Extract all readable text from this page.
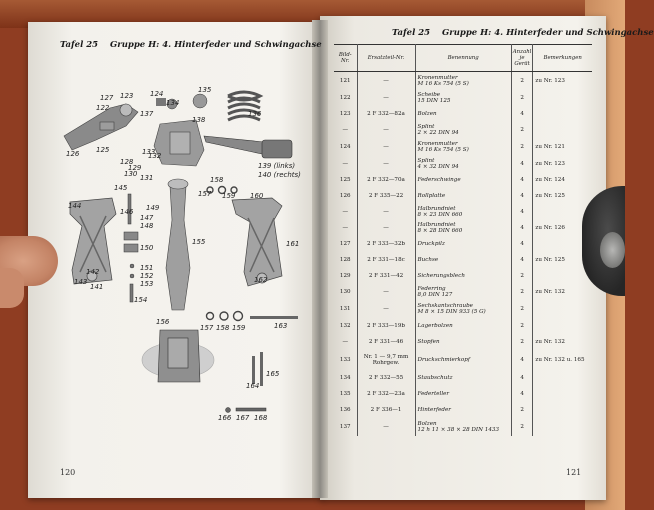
Tafel 25 Gruppe H: 4. Hinterfeder und Schwingachse
120
127 123 124
134
135
122
137
138
136
126 125	133
132
139 (links)
140 (rechts)
128
129
130 131
145
149
146
147
158
159
157	160
148
150
151
152
153
154
155
144
143
142
141
161
162
163
156
157 158 159
164
165
166 167 168
Tafel 25 Gruppe H: 4. Hinterfeder und Schwingachse
121
Bild-Nr.	Ersatzteil-Nr.	Benennung	Anzahl je Gerät	Bemerkungen
121	—	Kronenmutter
M 16 Ks 754 (5 S)	2	zu Nr. 123
122	—	Scheibe
15 DIN 125	2	
123	2 F 332—82a	Bolzen	4	
—	—	Splint
2 × 22 DIN 94	2	
124	—	Kronenmutter
M 16 Ks 754 (5 S)	2	zu Nr. 121
—	—	Splint
4 × 32 DIN 94	4	zu Nr. 123
125	2 F 332—70a	Federschwinge	4	zu Nr. 124
126	2 F 335—22	Rollplatte	4	zu Nr. 125
—	—	Halbrundniet
8 × 23 DIN 660	4	
—	—	Halbrundniet
8 × 28 DIN 660	4	zu Nr. 126
127	2 F 333—32b	Druckpilz	4	
128	2 F 331—18c	Buchse	4	zu Nr. 125
129	2 F 331—42	Sicherungsblech	2	
130	—	Federring
8,0 DIN 127	2	zu Nr. 132
131	—	Sechskantschraube
M 8 × 15 DIN 933 (5 G)	2	
132	2 F 333—19b	Lagerbolzen	2	
—	2 F 331—46	Stopfen	2	zu Nr. 132
133	Nr. 1 — 9,7 mm
Rohrgew.	Druckschmierkopf	4	zu Nr. 132 u. 165
134	2 F 332—55	Staubschutz	4	
135	2 F 332—23a	Federteller	4	
136	2 F 336—1	Hinterfeder	2	
137	—	Bolzen
12 h 11 × 38 × 28 DIN 1433	2	
